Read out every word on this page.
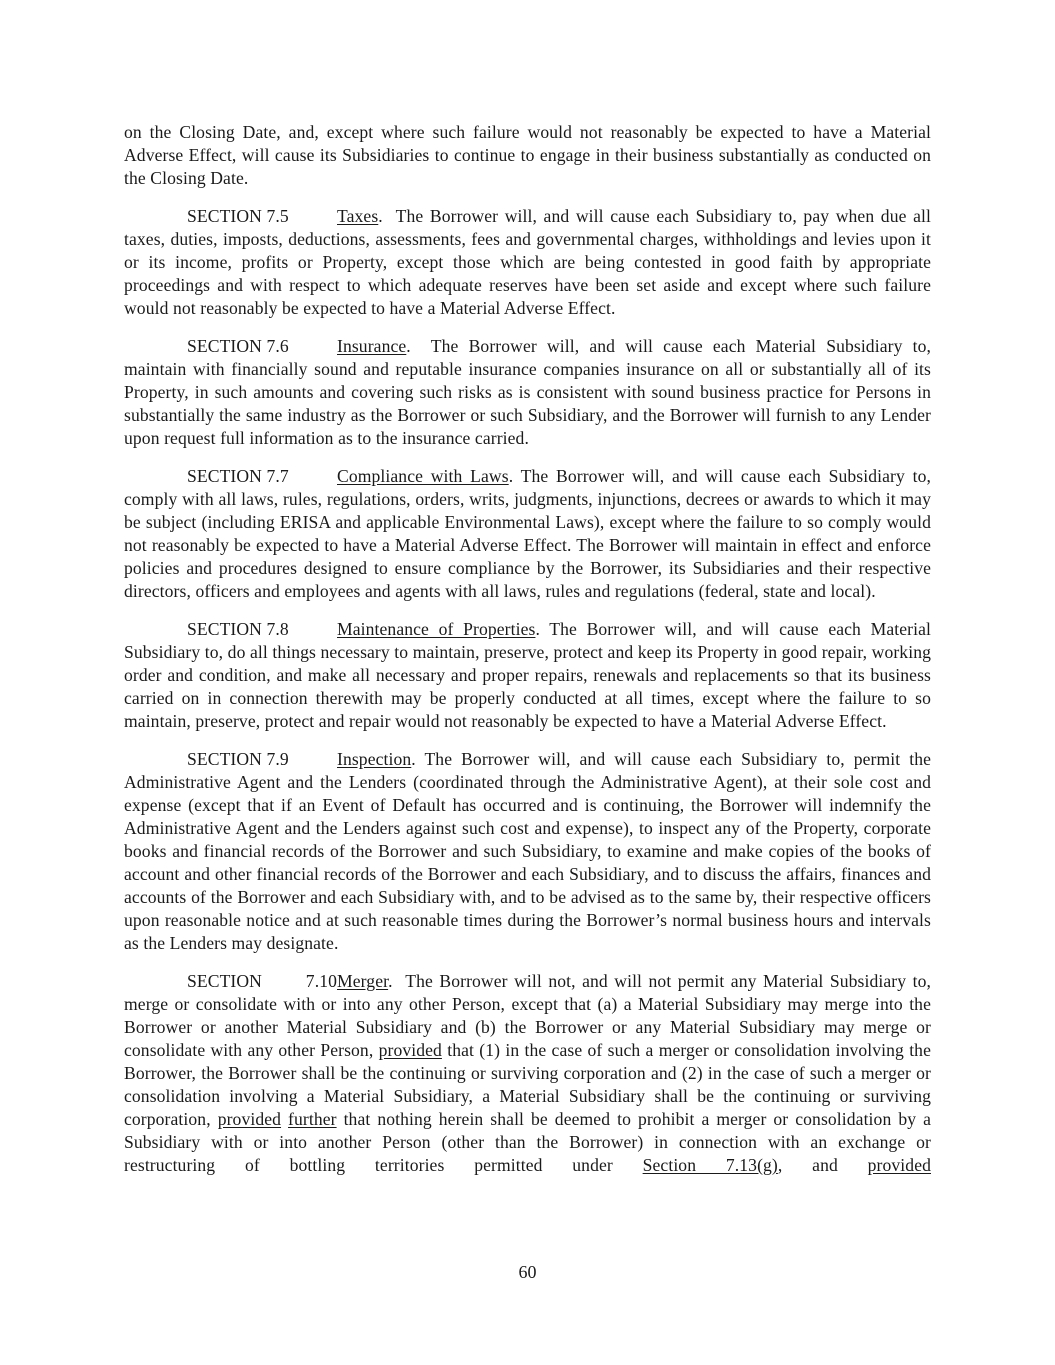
on the Closing Date, and, except where such failure would not reasonably be expected to have a Material Adverse Effect, will cause its Subsidiaries to continue to engage in their business substantially as conducted on the Closing Date.

SECTION 7.5	Taxes.  The Borrower will, and will cause each Subsidiary to, pay when due all taxes, duties, imposts, deductions, assessments, fees and governmental charges, withholdings and levies upon it or its income, profits or Property, except those which are being contested in good faith by appropriate proceedings and with respect to which adequate reserves have been set aside and except where such failure would not reasonably be expected to have a Material Adverse Effect.

SECTION 7.6	Insurance.  The Borrower will, and will cause each Material Subsidiary to, maintain with financially sound and reputable insurance companies insurance on all or substantially all of its Property, in such amounts and covering such risks as is consistent with sound business practice for Persons in substantially the same industry as the Borrower or such Subsidiary, and the Borrower will furnish to any Lender upon request full information as to the insurance carried.

SECTION 7.7	Compliance with Laws. The Borrower will, and will cause each Subsidiary to, comply with all laws, rules, regulations, orders, writs, judgments, injunctions, decrees or awards to which it may be subject (including ERISA and applicable Environmental Laws), except where the failure to so comply would not reasonably be expected to have a Material Adverse Effect. The Borrower will maintain in effect and enforce policies and procedures designed to ensure compliance by the Borrower, its Subsidiaries and their respective directors, officers and employees and agents with all laws, rules and regulations (federal, state and local).

SECTION 7.8	Maintenance of Properties. The Borrower will, and will cause each Material Subsidiary to, do all things necessary to maintain, preserve, protect and keep its Property in good repair, working order and condition, and make all necessary and proper repairs, renewals and replacements so that its business carried on in connection therewith may be properly conducted at all times, except where the failure to so maintain, preserve, protect and repair would not reasonably be expected to have a Material Adverse Effect.

SECTION 7.9	Inspection. The Borrower will, and will cause each Subsidiary to, permit the Administrative Agent and the Lenders (coordinated through the Administrative Agent), at their sole cost and expense (except that if an Event of Default has occurred and is continuing, the Borrower will indemnify the Administrative Agent and the Lenders against such cost and expense), to inspect any of the Property, corporate books and financial records of the Borrower and such Subsidiary, to examine and make copies of the books of account and other financial records of the Borrower and each Subsidiary, and to discuss the affairs, finances and accounts of the Borrower and each Subsidiary with, and to be advised as to the same by, their respective officers upon reasonable notice and at such reasonable times during the Borrower’s normal business hours and intervals as the Lenders may designate.

SECTION 7.10Merger.  The Borrower will not, and will not permit any Material Subsidiary to, merge or consolidate with or into any other Person, except that (a) a Material Subsidiary may merge into the Borrower or another Material Subsidiary and (b) the Borrower or any Material Subsidiary may merge or consolidate with any other Person, provided that (1) in the case of such a merger or consolidation involving the Borrower, the Borrower shall be the continuing or surviving corporation and (2) in the case of such a merger or consolidation involving a Material Subsidiary, a Material Subsidiary shall be the continuing or surviving corporation, provided further that nothing herein shall be deemed to prohibit a merger or consolidation by a Subsidiary with or into another Person (other than the Borrower) in connection with an exchange or restructuring of bottling territories permitted under Section 7.13(g), and provided

60
